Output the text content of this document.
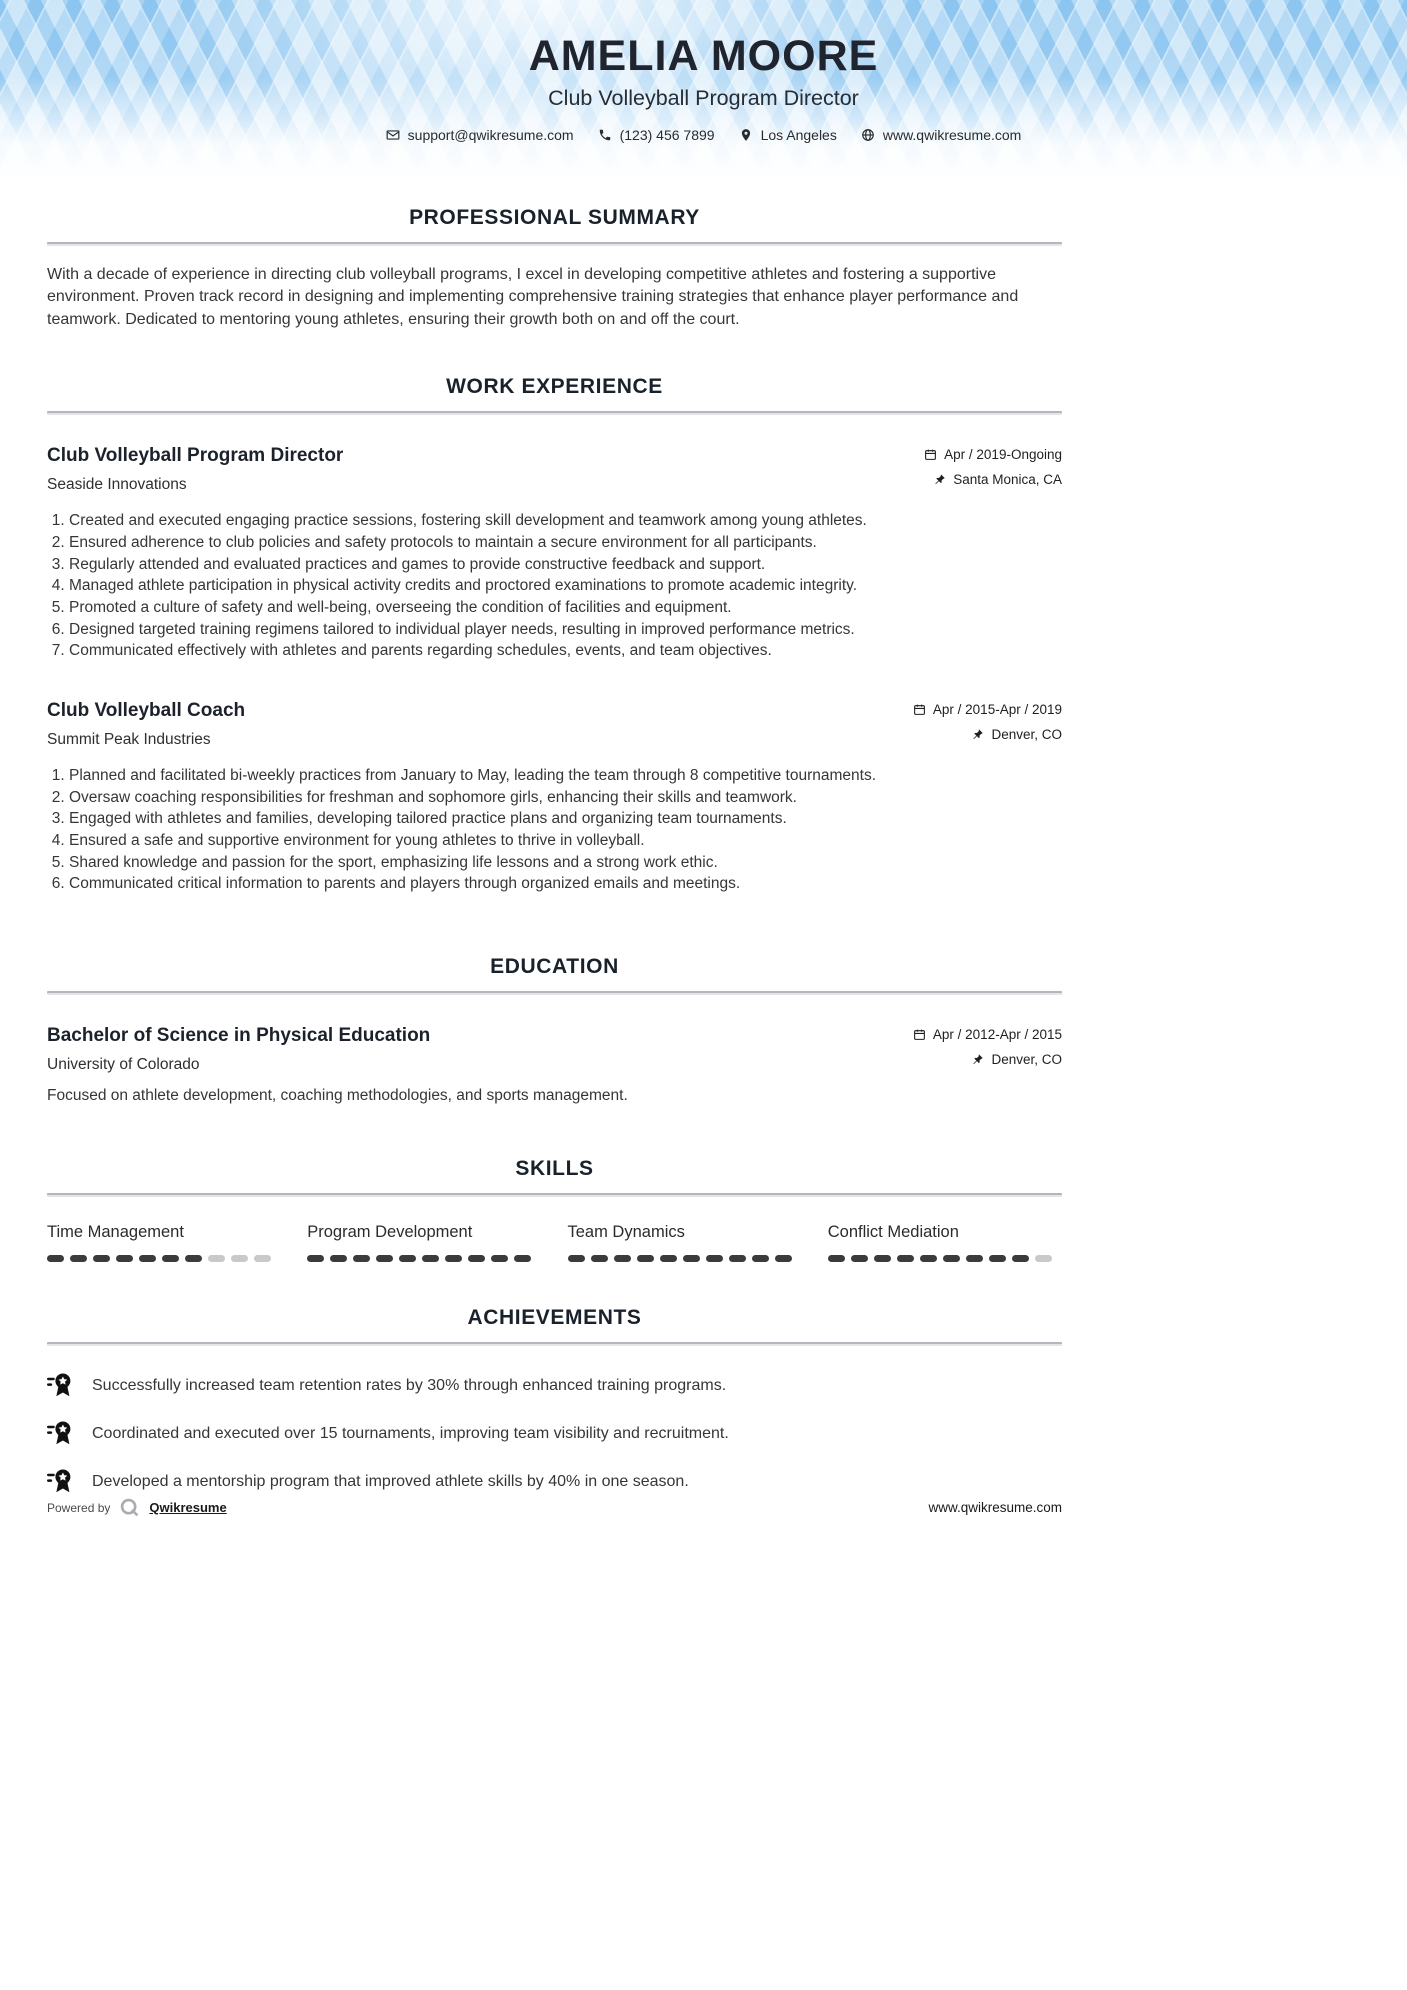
AMELIA MOORE
Club Volleyball Program Director
support@qwikresume.com	(123) 456 7899	Los Angeles	www.qwikresume.com
PROFESSIONAL SUMMARY

With a decade of experience in directing club volleyball programs, I excel in developing competitive athletes and fostering a supportive environment. Proven track record in designing and implementing comprehensive training strategies that enhance player performance and teamwork. Dedicated to mentoring young athletes, ensuring their growth both on and off the court.

WORK EXPERIENCE
Club Volleyball Program Director
Seaside Innovations
Apr / 2019-Ongoing
Santa Monica, CA
1. Created and executed engaging practice sessions, fostering skill development and teamwork among young athletes.
2. Ensured adherence to club policies and safety protocols to maintain a secure environment for all participants.
3. Regularly attended and evaluated practices and games to provide constructive feedback and support.
4. Managed athlete participation in physical activity credits and proctored examinations to promote academic integrity.
5. Promoted a culture of safety and well-being, overseeing the condition of facilities and equipment.
6. Designed targeted training regimens tailored to individual player needs, resulting in improved performance metrics.
7. Communicated effectively with athletes and parents regarding schedules, events, and team objectives.
Club Volleyball Coach
Summit Peak Industries
Apr / 2015-Apr / 2019
Denver, CO
1. Planned and facilitated bi-weekly practices from January to May, leading the team through 8 competitive tournaments.
2. Oversaw coaching responsibilities for freshman and sophomore girls, enhancing their skills and teamwork.
3. Engaged with athletes and families, developing tailored practice plans and organizing team tournaments.
4. Ensured a safe and supportive environment for young athletes to thrive in volleyball.
5. Shared knowledge and passion for the sport, emphasizing life lessons and a strong work ethic.
6. Communicated critical information to parents and players through organized emails and meetings.
EDUCATION
Bachelor of Science in Physical Education
University of Colorado
Apr / 2012-Apr / 2015
Denver, CO
Focused on athlete development, coaching methodologies, and sports management.
SKILLS
Time Management	Program Development	Team Dynamics	Conflict Mediation
ACHIEVEMENTS
Successfully increased team retention rates by 30% through enhanced training programs.
Coordinated and executed over 15 tournaments, improving team visibility and recruitment.
Developed a mentorship program that improved athlete skills by 40% in one season.
Powered by	Qwikresume	www.qwikresume.com
